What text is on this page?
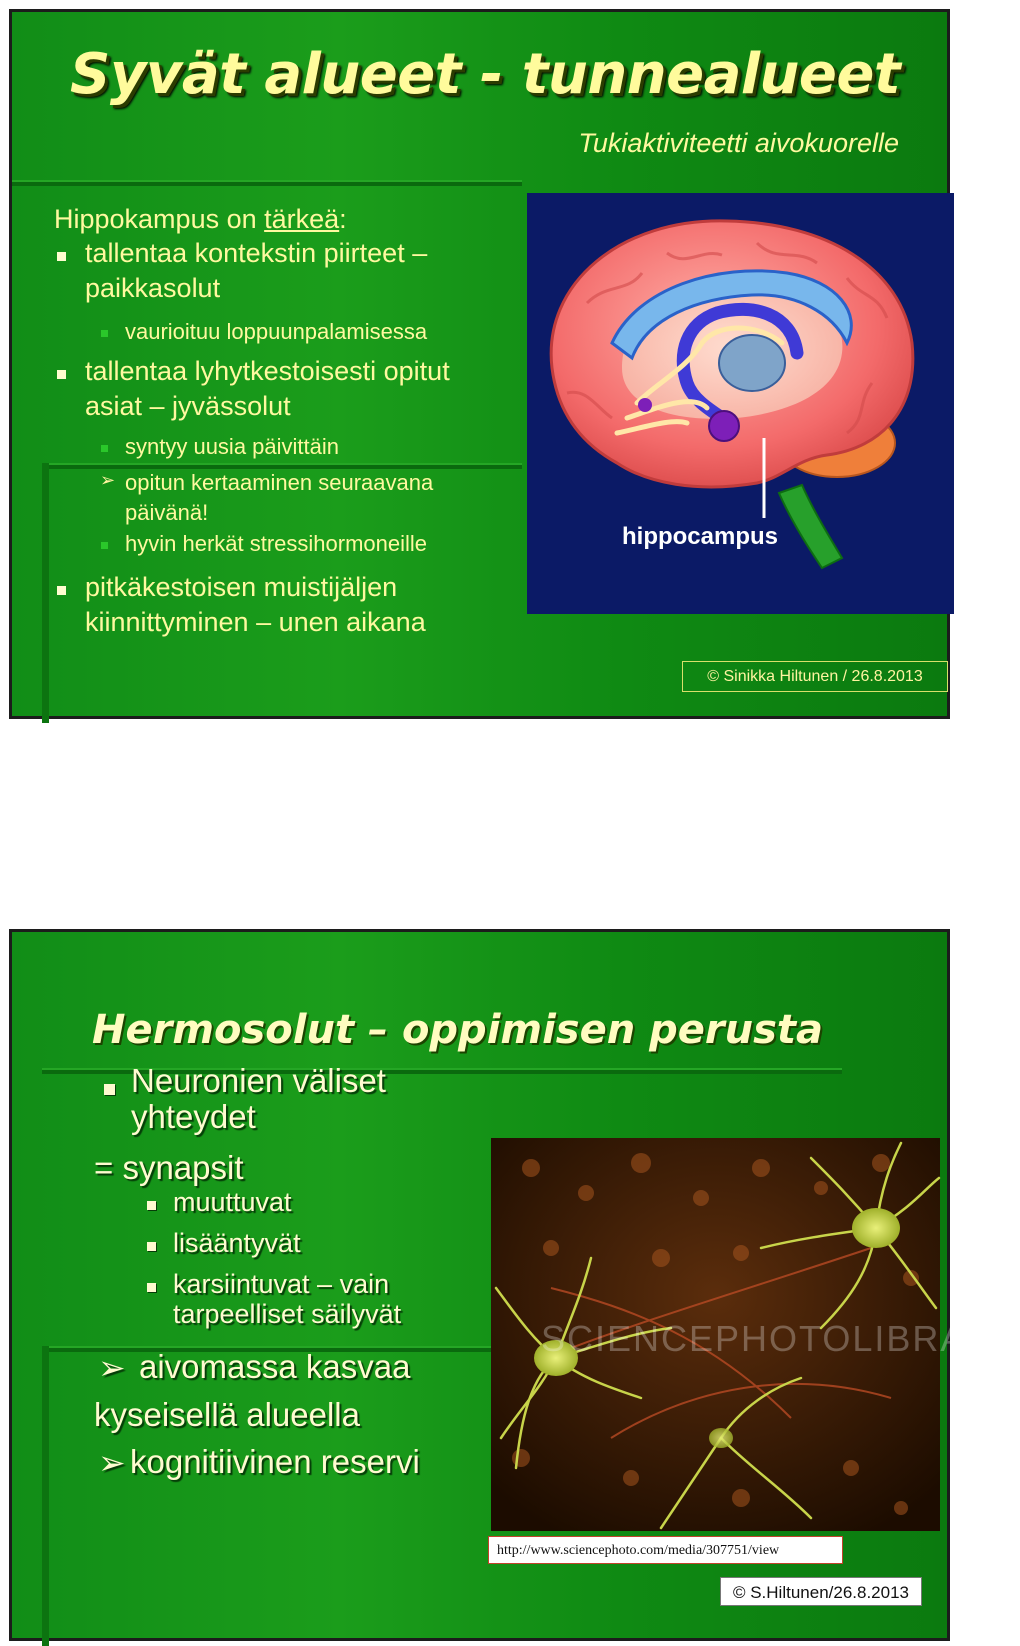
Syvät alueet - tunnealueet
Tukiaktiviteetti aivokuorelle
Hippokampus on tärkeä:
tallentaa kontekstin piirteet –
paikkasolut
vaurioituu loppuunpalamisessa
tallentaa lyhytkestoisesti opitut
asiat – jyvässolut
syntyy uusia päivittäin
➢ opitun kertaaminen seuraavana
päivänä!
hyvin herkät stressihormoneille
pitkäkestoisen muistijäljen
kiinnittyminen – unen aikana
hippocampus
© Sinikka Hiltunen / 26.8.2013
Hermosolut – oppimisen perusta
Neuronien väliset
yhteydet
= synapsit
muuttuvat
lisääntyvät
karsiintuvat – vain
tarpeelliset säilyvät
➢ aivomassa kasvaa
kyseisellä alueella
➢ kognitiivinen reservi
SCIENCEPHOTOLIBRARY
http://www.sciencephoto.com/media/307751/view
© S.Hiltunen/26.8.2013
